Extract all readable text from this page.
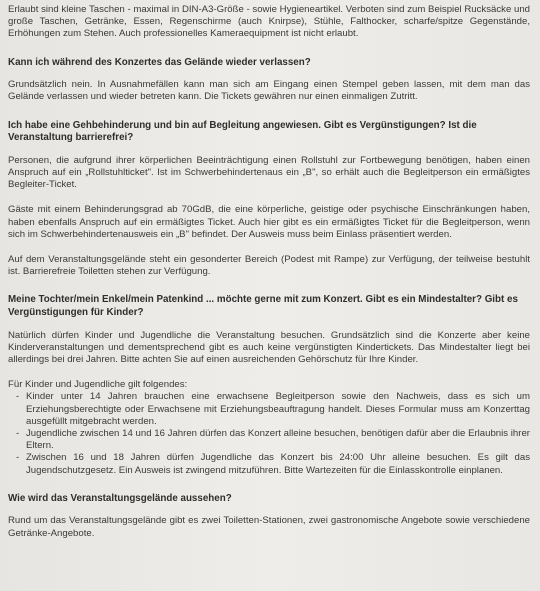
Erlaubt sind kleine Taschen - maximal in DIN-A3-Größe - sowie Hygieneartikel. Verboten sind zum Beispiel Rucksäcke und große Taschen, Getränke, Essen, Regenschirme (auch Knirpse), Stühle, Falthocker, scharfe/spitze Gegenstände, Erhöhungen zum Stehen. Auch professionelles Kameraequipment ist nicht erlaubt.

Kann ich während des Konzertes das Gelände wieder verlassen?

Grundsätzlich nein. In Ausnahmefällen kann man sich am Eingang einen Stempel geben lassen, mit dem man das Gelände verlassen und wieder betreten kann. Die Tickets gewähren nur einen einmaligen Zutritt.

Ich habe eine Gehbehinderung und bin auf Begleitung angewiesen. Gibt es Vergünstigungen? Ist die Veranstaltung barrierefrei?

Personen, die aufgrund ihrer körperlichen Beeinträchtigung einen Rollstuhl zur Fortbewegung benötigen, haben einen Anspruch auf ein „Rollstuhlticket". Ist im Schwerbehindertenaus ein „B", so erhält auch die Begleitperson ein ermäßigtes Begleiter-Ticket.

Gäste mit einem Behinderungsgrad ab 70GdB, die eine körperliche, geistige oder psychische Einschränkungen haben, haben ebenfalls Anspruch auf ein ermäßigtes Ticket. Auch hier gibt es ein ermäßigtes Ticket für die Begleitperson, wenn sich im Schwerbehindertenausweis ein „B" befindet. Der Ausweis muss beim Einlass präsentiert werden.

Auf dem Veranstaltungsgelände steht ein gesonderter Bereich (Podest mit Rampe) zur Verfügung, der teilweise bestuhlt ist. Barrierefreie Toiletten stehen zur Verfügung.

Meine Tochter/mein Enkel/mein Patenkind ... möchte gerne mit zum Konzert. Gibt es ein Mindestalter? Gibt es Vergünstigungen für Kinder?

Natürlich dürfen Kinder und Jugendliche die Veranstaltung besuchen. Grundsätzlich sind die Konzerte aber keine Kinderveranstaltungen und dementsprechend gibt es auch keine vergünstigten Kindertickets. Das Mindestalter liegt bei allerdings bei drei Jahren. Bitte achten Sie auf einen ausreichenden Gehörschutz für Ihre Kinder.

Für Kinder und Jugendliche gilt folgendes:

- Kinder unter 14 Jahren brauchen eine erwachsene Begleitperson sowie den Nachweis, dass es sich um Erziehungsberechtigte oder Erwachsene mit Erziehungsbeauftragung handelt. Dieses Formular muss am Konzerttag ausgefüllt mitgebracht werden.
- Jugendliche zwischen 14 und 16 Jahren dürfen das Konzert alleine besuchen, benötigen dafür aber die Erlaubnis ihrer Eltern.
- Zwischen 16 und 18 Jahren dürfen Jugendliche das Konzert bis 24:00 Uhr alleine besuchen. Es gilt das Jugendschutzgesetz. Ein Ausweis ist zwingend mitzuführen. Bitte Wartezeiten für die Einlasskontrolle einplanen.
Wie wird das Veranstaltungsgelände aussehen?

Rund um das Veranstaltungsgelände gibt es zwei Toiletten-Stationen, zwei gastronomische Angebote sowie verschiedene Getränke-Angebote.
